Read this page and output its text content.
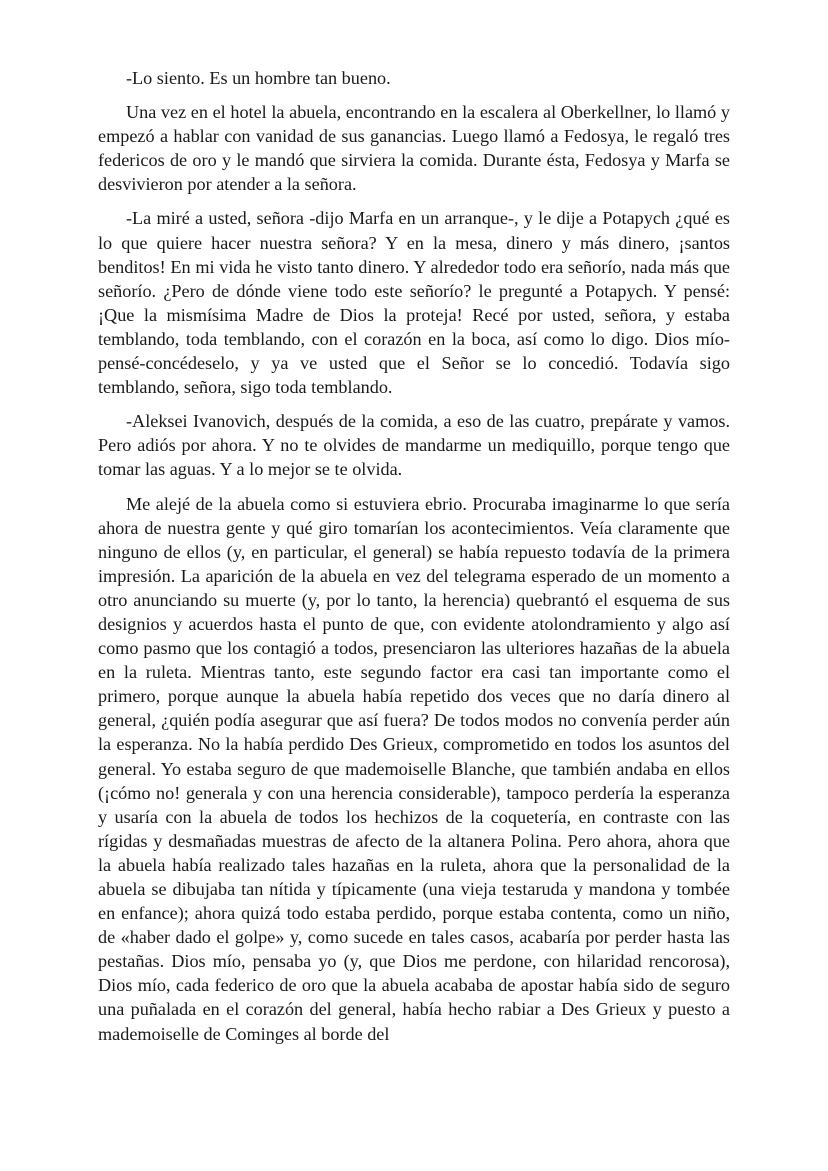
-Lo siento. Es un hombre tan bueno.

Una vez en el hotel la abuela, encontrando en la escalera al Oberkellner, lo llamó y empezó a hablar con vanidad de sus ganancias. Luego llamó a Fedosya, le regaló tres federicos de oro y le mandó que sirviera la comida. Durante ésta, Fedosya y Marfa se desvivieron por atender a la señora.

-La miré a usted, señora -dijo Marfa en un arranque-, y le dije a Potapych ¿qué es lo que quiere hacer nuestra señora? Y en la mesa, dinero y más dinero, ¡santos benditos! En mi vida he visto tanto dinero. Y alrededor todo era señorío, nada más que señorío. ¿Pero de dónde viene todo este señorío? le pregunté a Potapych. Y pensé: ¡Que la mismísima Madre de Dios la proteja! Recé por usted, señora, y estaba temblando, toda temblando, con el corazón en la boca, así como lo digo. Dios mío-pensé-concédeselo, y ya ve usted que el Señor se lo concedió. Todavía sigo temblando, señora, sigo toda temblando.

-Aleksei Ivanovich, después de la comida, a eso de las cuatro, prepárate y vamos. Pero adiós por ahora. Y no te olvides de mandarme un mediquillo, porque tengo que tomar las aguas. Y a lo mejor se te olvida.

Me alejé de la abuela como si estuviera ebrio. Procuraba imaginarme lo que sería ahora de nuestra gente y qué giro tomarían los acontecimientos. Veía claramente que ninguno de ellos (y, en particular, el general) se había repuesto todavía de la primera impresión. La aparición de la abuela en vez del telegrama esperado de un momento a otro anunciando su muerte (y, por lo tanto, la herencia) quebrantó el esquema de sus designios y acuerdos hasta el punto de que, con evidente atolondramiento y algo así como pasmo que los contagió a todos, presenciaron las ulteriores hazañas de la abuela en la ruleta. Mientras tanto, este segundo factor era casi tan importante como el primero, porque aunque la abuela había repetido dos veces que no daría dinero al general, ¿quién podía asegurar que así fuera? De todos modos no convenía perder aún la esperanza. No la había perdido Des Grieux, comprometido en todos los asuntos del general. Yo estaba seguro de que mademoiselle Blanche, que también andaba en ellos (¡cómo no! generala y con una herencia considerable), tampoco perdería la esperanza y usaría con la abuela de todos los hechizos de la coquetería, en contraste con las rígidas y desmañadas muestras de afecto de la altanera Polina. Pero ahora, ahora que la abuela había realizado tales hazañas en la ruleta, ahora que la personalidad de la abuela se dibujaba tan nítida y típicamente (una vieja testaruda y mandona y tombée en enfance); ahora quizá todo estaba perdido, porque estaba contenta, como un niño, de «haber dado el golpe» y, como sucede en tales casos, acabaría por perder hasta las pestañas. Dios mío, pensaba yo (y, que Dios me perdone, con hilaridad rencorosa), Dios mío, cada federico de oro que la abuela acababa de apostar había sido de seguro una puñalada en el corazón del general, había hecho rabiar a Des Grieux y puesto a mademoiselle de Cominges al borde del
